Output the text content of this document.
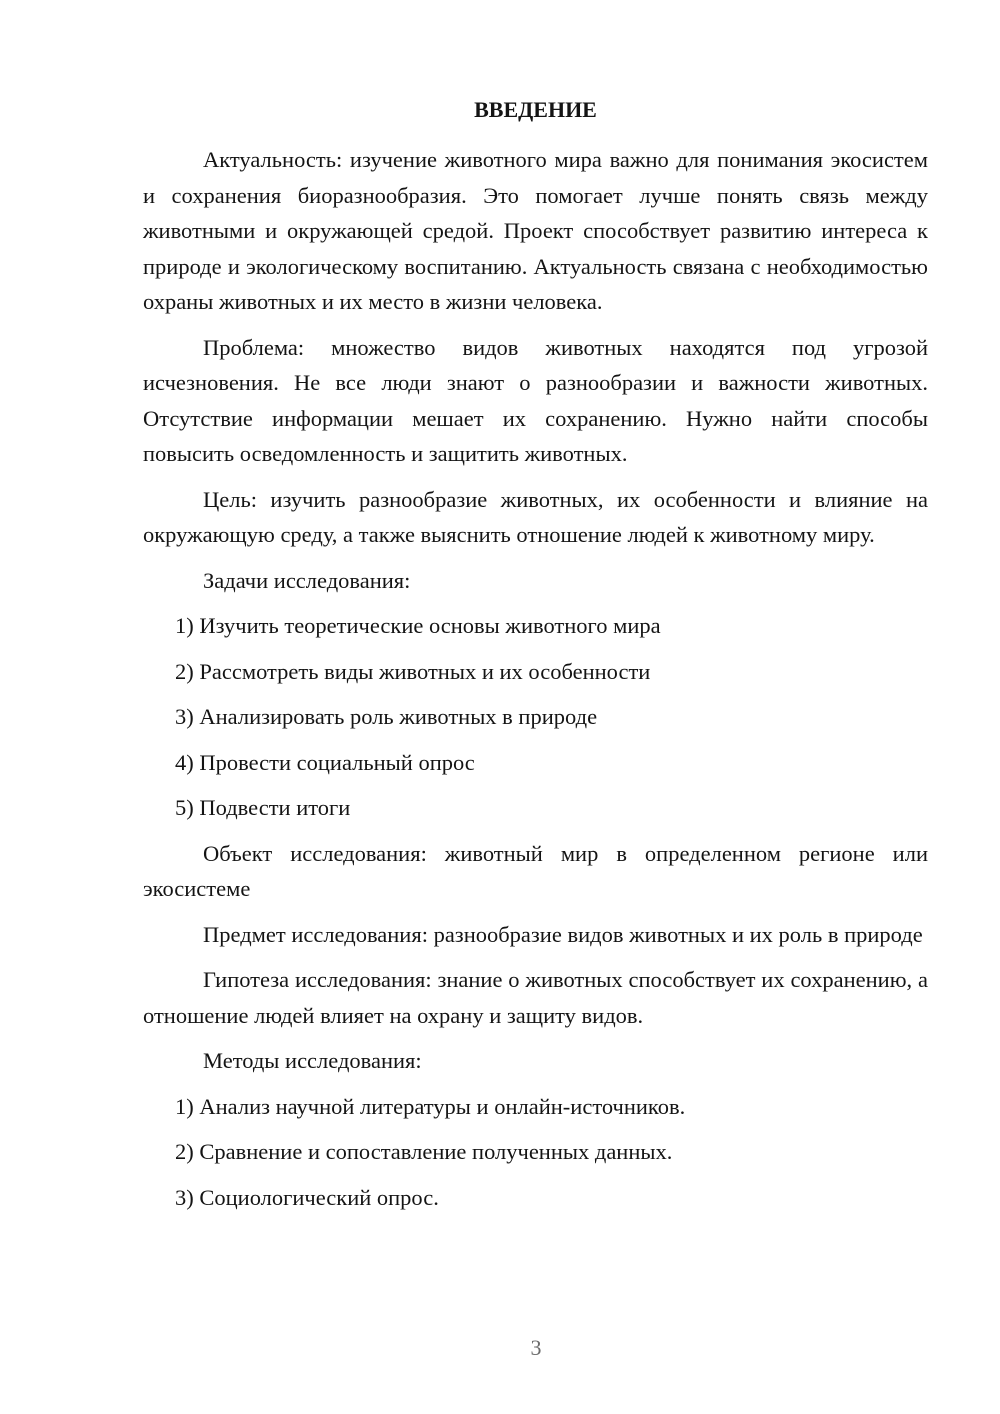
ВВЕДЕНИЕ

Актуальность: изучение животного мира важно для понимания экосистем и сохранения биоразнообразия. Это помогает лучше понять связь между животными и окружающей средой. Проект способствует развитию интереса к природе и экологическому воспитанию. Актуальность связана с необходимостью охраны животных и их место в жизни человека.

Проблема: множество видов животных находятся под угрозой исчезновения. Не все люди знают о разнообразии и важности животных. Отсутствие информации мешает их сохранению. Нужно найти способы повысить осведомленность и защитить животных.

Цель: изучить разнообразие животных, их особенности и влияние на окружающую среду, а также выяснить отношение людей к животному миру.

Задачи исследования:

1) Изучить теоретические основы животного мира

2) Рассмотреть виды животных и их особенности

3) Анализировать роль животных в природе

4) Провести социальный опрос

5) Подвести итоги

Объект исследования: животный мир в определенном регионе или экосистеме

Предмет исследования: разнообразие видов животных и их роль в природе

Гипотеза исследования: знание о животных способствует их сохранению, а отношение людей влияет на охрану и защиту видов.

Методы исследования:

1) Анализ научной литературы и онлайн-источников.

2) Сравнение и сопоставление полученных данных.

3) Социологический опрос.

3
